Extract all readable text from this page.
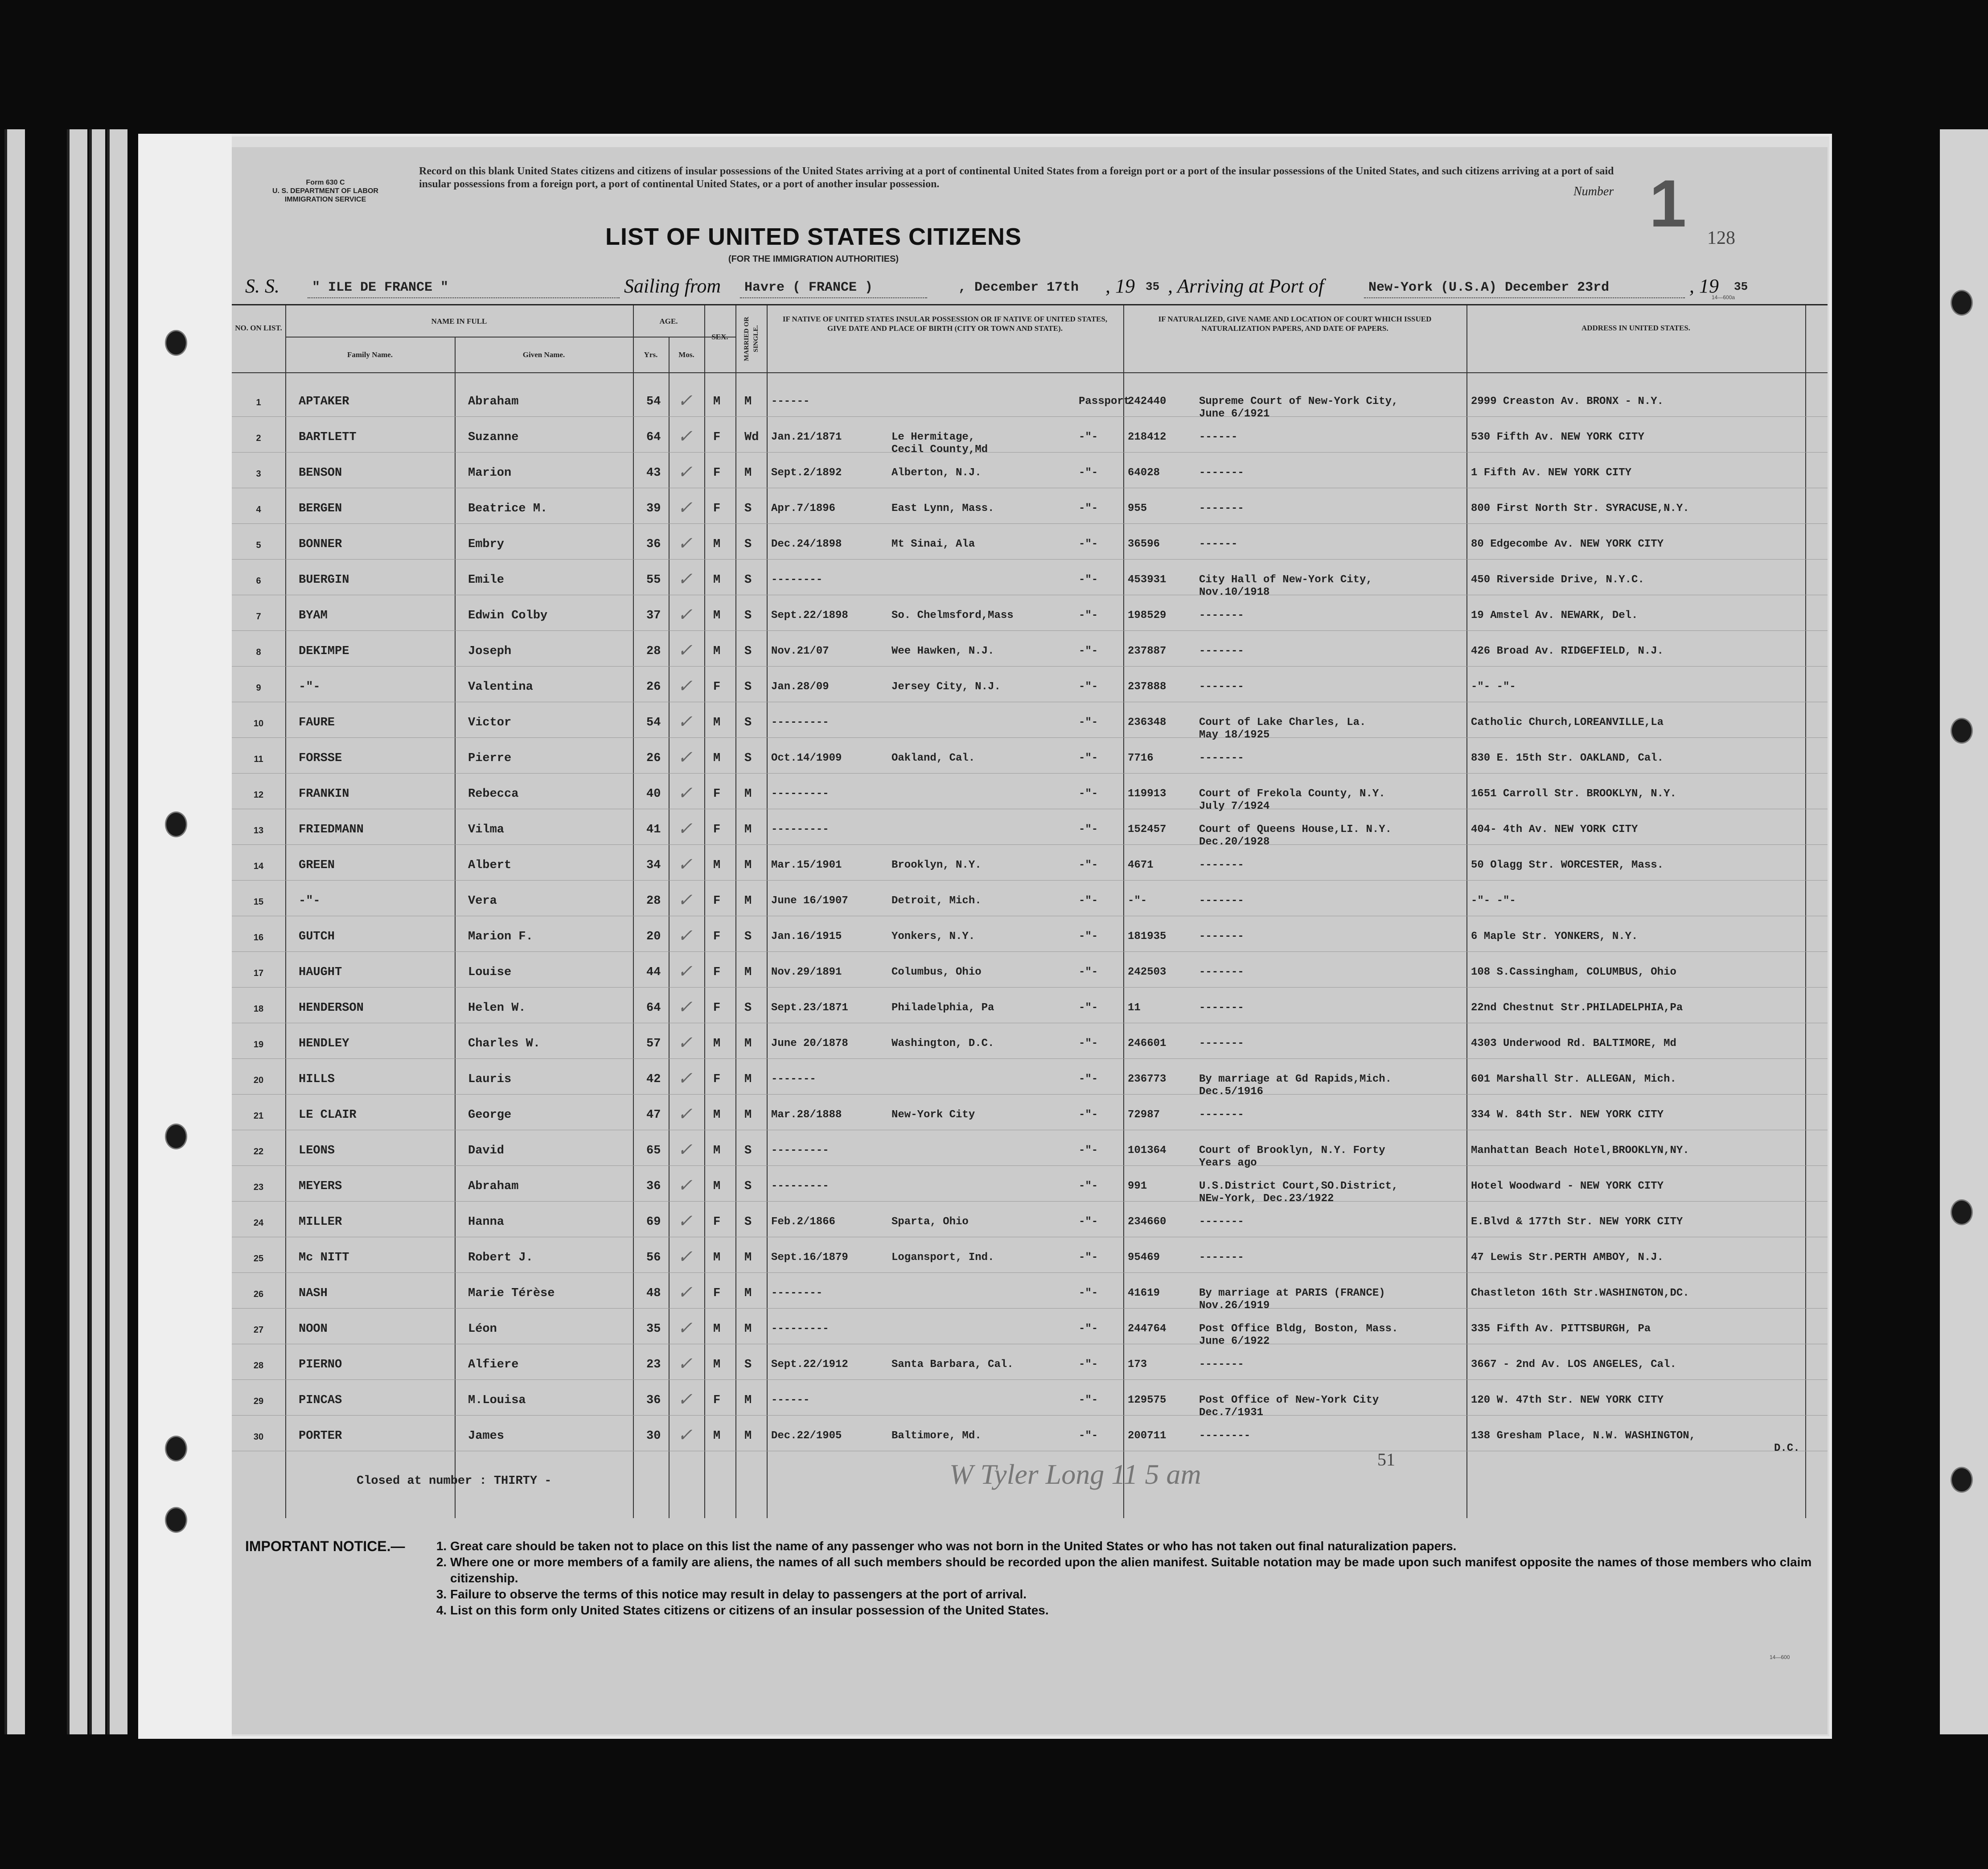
Form 630 C
U. S. DEPARTMENT OF LABOR
IMMIGRATION SERVICE
Record on this blank United States citizens and citizens of insular possessions of the United States arriving at a port of continental United States from a foreign port or a port of the insular possessions of the United States, and such citizens arriving at a port of said insular possessions from a foreign port, a port of continental United States, or a port of another insular possession.
Number 1 128
LIST OF UNITED STATES CITIZENS
(FOR THE IMMIGRATION AUTHORITIES)
14—600a
S. S. " ILE DE FRANCE "	Sailing from Havre ( FRANCE )	, December 17th , 19 35 , Arriving at Port of	New-York (U.S.A) December 23rd	, 19 35
NO. ON LIST.
NAME IN FULL
Family Name.	Given Name.
AGE.
Yrs.	Mos.
SEX.	MARRIED OR SINGLE.
IF NATIVE OF UNITED STATES INSULAR POSSESSION OR IF NATIVE OF UNITED STATES, GIVE DATE AND PLACE OF BIRTH (CITY OR TOWN AND STATE).
IF NATURALIZED, GIVE NAME AND LOCATION OF COURT WHICH ISSUED NATURALIZATION PAPERS, AND DATE OF PAPERS.	ADDRESS IN UNITED STATES.
1	APTAKER	Abraham	54	M M ------	Passport
242440	Supreme Court of New-York City,	2999 Creaston Av. BRONX - N.Y.
June 6/1921
✓
2	BARTLETT	Suzanne	64	F Wd Jan.21/1871	Le Hermitage,	-"-	218412	------	530 Fifth Av. NEW YORK CITY
Cecil County,Md
✓
3	BENSON	Marion	43	F M Sept.2/1892	Alberton, N.J.	-"-	64028	-------	1 Fifth Av. NEW YORK CITY
✓
4	BERGEN	Beatrice M.	39	F S Apr.7/1896	East Lynn, Mass.	-"-	955	-------	800 First North Str. SYRACUSE,N.Y.
✓
5	BONNER	Embry	36	M S Dec.24/1898	Mt Sinai, Ala	-"-	36596	------	80 Edgecombe Av. NEW YORK CITY
✓
6	BUERGIN	Emile	55	M S --------	-"-	453931	City Hall of New-York City,	450 Riverside Drive, N.Y.C.
Nov.10/1918
✓
7	BYAM	Edwin Colby	37	M S Sept.22/1898	So. Chelmsford,Mass	-"-	198529	-------	19 Amstel Av. NEWARK, Del.
✓
8	DEKIMPE	Joseph	28	M S Nov.21/07	Wee Hawken, N.J.	-"-	237887	-------	426 Broad Av. RIDGEFIELD, N.J.
✓
9	-"-	Valentina	26	F S Jan.28/09	Jersey City, N.J.	-"-	237888	-------	-"- -"-
✓
10	FAURE	Victor	54	M S ---------	-"-	236348	Court of Lake Charles, La.	Catholic Church,LOREANVILLE,La
May 18/1925
✓
11	FORSSE	Pierre	26	M S Oct.14/1909	Oakland, Cal.	-"-	7716	-------	830 E. 15th Str. OAKLAND, Cal.
✓
12	FRANKIN	Rebecca	40	F M ---------	-"-	119913	Court of Frekola County, N.Y.	1651 Carroll Str. BROOKLYN, N.Y.
July 7/1924
✓
13	FRIEDMANN	Vilma	41	F M ---------	-"-	152457	Court of Queens House,LI. N.Y.	404- 4th Av. NEW YORK CITY
Dec.20/1928
✓
14	GREEN	Albert	34	M M Mar.15/1901	Brooklyn, N.Y.	-"-	4671	-------	50 Olagg Str. WORCESTER, Mass.
✓
15	-"-	Vera	28	F M June 16/1907	Detroit, Mich.	-"-	-"-	-------	-"- -"-
✓
16	GUTCH	Marion F.	20	F S Jan.16/1915	Yonkers, N.Y.	-"-	181935	-------	6 Maple Str. YONKERS, N.Y.
✓
17	HAUGHT	Louise	44	F M Nov.29/1891	Columbus, Ohio	-"-	242503	-------	108 S.Cassingham, COLUMBUS, Ohio
✓
18	HENDERSON	Helen W.	64	F S Sept.23/1871	Philadelphia, Pa	-"-	11	-------	22nd Chestnut Str.PHILADELPHIA,Pa
✓
19	HENDLEY	Charles W.	57	M M June 20/1878	Washington, D.C.	-"-	246601	-------	4303 Underwood Rd. BALTIMORE, Md
✓
20	HILLS	Lauris	42	F M -------	-"-	236773	By marriage at Gd Rapids,Mich.	601 Marshall Str. ALLEGAN, Mich.
Dec.5/1916
✓
21	LE CLAIR	George	47	M M Mar.28/1888	New-York City	-"-	72987	-------	334 W. 84th Str. NEW YORK CITY
✓
22	LEONS	David	65	M S ---------	-"-	101364	Court of Brooklyn, N.Y. Forty	Manhattan Beach Hotel,BROOKLYN,NY.
Years ago
✓
23	MEYERS	Abraham	36	M S ---------	-"-	991	U.S.District Court,SO.District,	Hotel Woodward - NEW YORK CITY
NEw-York, Dec.23/1922
✓
24	MILLER	Hanna	69	F S Feb.2/1866	Sparta, Ohio	-"-	234660	-------	E.Blvd & 177th Str. NEW YORK CITY
✓
25	Mc NITT	Robert J.	56	M M Sept.16/1879	Logansport, Ind.	-"-	95469	-------	47 Lewis Str.PERTH AMBOY, N.J.
✓
26	NASH	Marie Térèse	48	F M --------	-"-	41619	By marriage at PARIS (FRANCE)	Chastleton 16th Str.WASHINGTON,DC.
Nov.26/1919
✓
27	NOON	Léon	35	M M ---------	-"-	244764	Post Office Bldg, Boston, Mass.	335 Fifth Av. PITTSBURGH, Pa
June 6/1922
✓
28	PIERNO	Alfiere	23	M S Sept.22/1912	Santa Barbara, Cal.	-"-	173	-------	3667 - 2nd Av. LOS ANGELES, Cal.
✓
29	PINCAS	M.Louisa	36	F M ------	-"-	129575	Post Office of New-York City	120 W. 47th Str. NEW YORK CITY
Dec.7/1931
✓
30	PORTER	James	30	M M Dec.22/1905	Baltimore, Md.	-"-	200711	--------	138 Gresham Place, N.W. WASHINGTON,
D.C.
✓
Closed at number : THIRTY -	W Tyler Long 11 5 am	51
IMPORTANT NOTICE.—
1.	Great care should be taken not to place on this list the name of any passenger who was not born in the United States or who has not taken out final naturalization papers.
2. Where one or more members of a family are aliens, the names of all such members should be recorded upon the alien manifest. Suitable notation may be made upon such manifest opposite the names of those members who claim citizenship.
3. Failure to observe the terms of this notice may result in delay to passengers at the port of arrival.
4. List on this form only United States citizens or citizens of an insular possession of the United States.
14—600
